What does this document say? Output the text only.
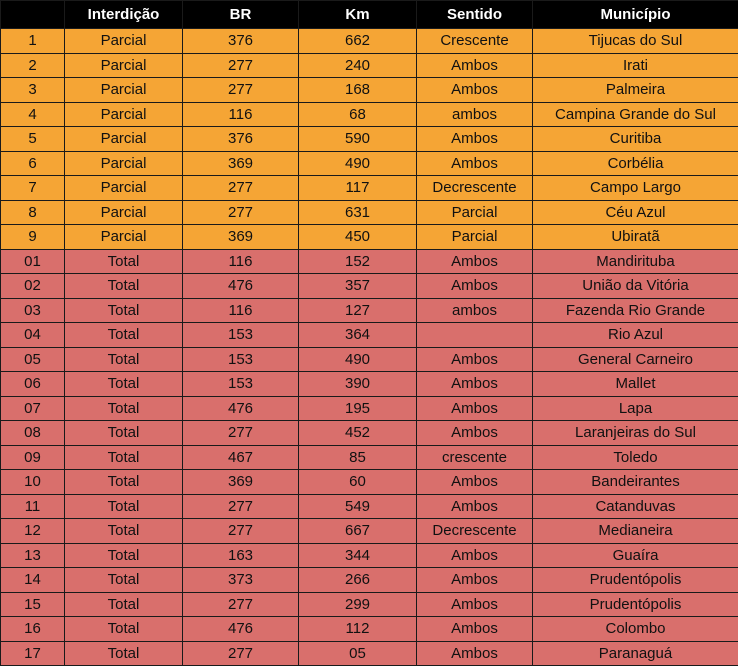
	Interdição	BR	Km	Sentido	Município
1	Parcial	376	662	Crescente	Tijucas do Sul
2	Parcial	277	240	Ambos	Irati
3	Parcial	277	168	Ambos	Palmeira
4	Parcial	116	68	ambos	Campina Grande do Sul
5	Parcial	376	590	Ambos	Curitiba
6	Parcial	369	490	Ambos	Corbélia
7	Parcial	277	117	Decrescente	Campo Largo
8	Parcial	277	631	Parcial	Céu Azul
9	Parcial	369	450	Parcial	Ubiratã
01	Total	116	152	Ambos	Mandirituba
02	Total	476	357	Ambos	União da Vitória
03	Total	116	127	ambos	Fazenda Rio Grande
04	Total	153	364		Rio Azul
05	Total	153	490	Ambos	General Carneiro
06	Total	153	390	Ambos	Mallet
07	Total	476	195	Ambos	Lapa
08	Total	277	452	Ambos	Laranjeiras do Sul
09	Total	467	85	crescente	Toledo
10	Total	369	60	Ambos	Bandeirantes
11	Total	277	549	Ambos	Catanduvas
12	Total	277	667	Decrescente	Medianeira
13	Total	163	344	Ambos	Guaíra
14	Total	373	266	Ambos	Prudentópolis
15	Total	277	299	Ambos	Prudentópolis
16	Total	476	112	Ambos	Colombo
17	Total	277	05	Ambos	Paranaguá
